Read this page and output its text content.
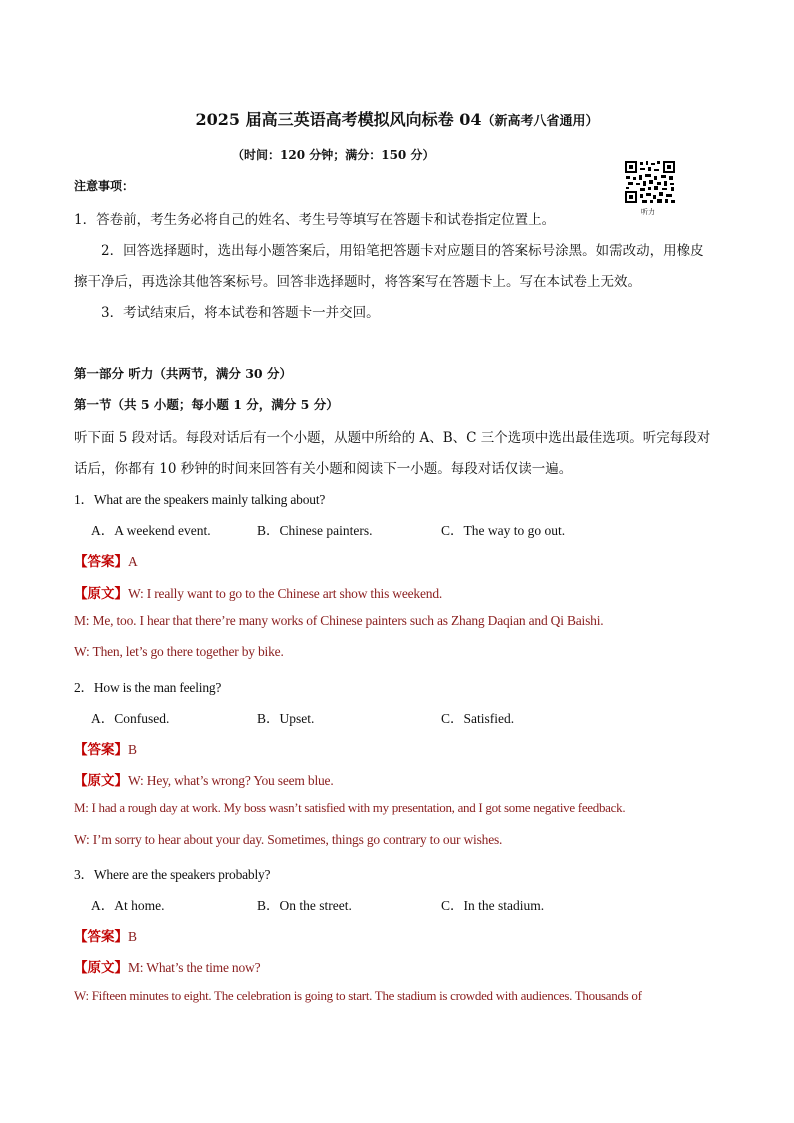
2025 届高三英语高考模拟风向标卷 04（新高考八省通用）
（时间：120 分钟；满分：150 分）
听力
注意事项：
1．答卷前，考生务必将自己的姓名、考生号等填写在答题卡和试卷指定位置上。
2．回答选择题时，选出每小题答案后，用铅笔把答题卡对应题目的答案标号涂黑。如需改动，用橡皮
擦干净后，再选涂其他答案标号。回答非选择题时，将答案写在答题卡上。写在本试卷上无效。
3．考试结束后，将本试卷和答题卡一并交回。
第一部分 听力（共两节，满分 30 分）
第一节（共 5 小题；每小题 1 分，满分 5 分）
听下面 5 段对话。每段对话后有一个小题，从题中所给的 A、B、C 三个选项中选出最佳选项。听完每段对
话后，你都有 10 秒钟的时间来回答有关小题和阅读下一小题。每段对话仅读一遍。
1．What are the speakers mainly talking about?
A．A weekend event.	B．Chinese painters.	C．The way to go out.
【答案】A
【原文】W: I really want to go to the Chinese art show this weekend.
M: Me, too. I hear that there’re many works of Chinese painters such as Zhang Daqian and Qi Baishi.
W: Then, let’s go there together by bike.
2．How is the man feeling?
A．Confused.	B．Upset.	C．Satisfied.
【答案】B
【原文】W: Hey, what’s wrong? You seem blue.
M: I had a rough day at work. My boss wasn’t satisfied with my presentation, and I got some negative feedback.
W: I’m sorry to hear about your day. Sometimes, things go contrary to our wishes.
3．Where are the speakers probably?
A．At home.	B．On the street.	C．In the stadium.
【答案】B
【原文】M: What’s the time now?
W: Fifteen minutes to eight. The celebration is going to start. The stadium is crowded with audiences. Thousands of
